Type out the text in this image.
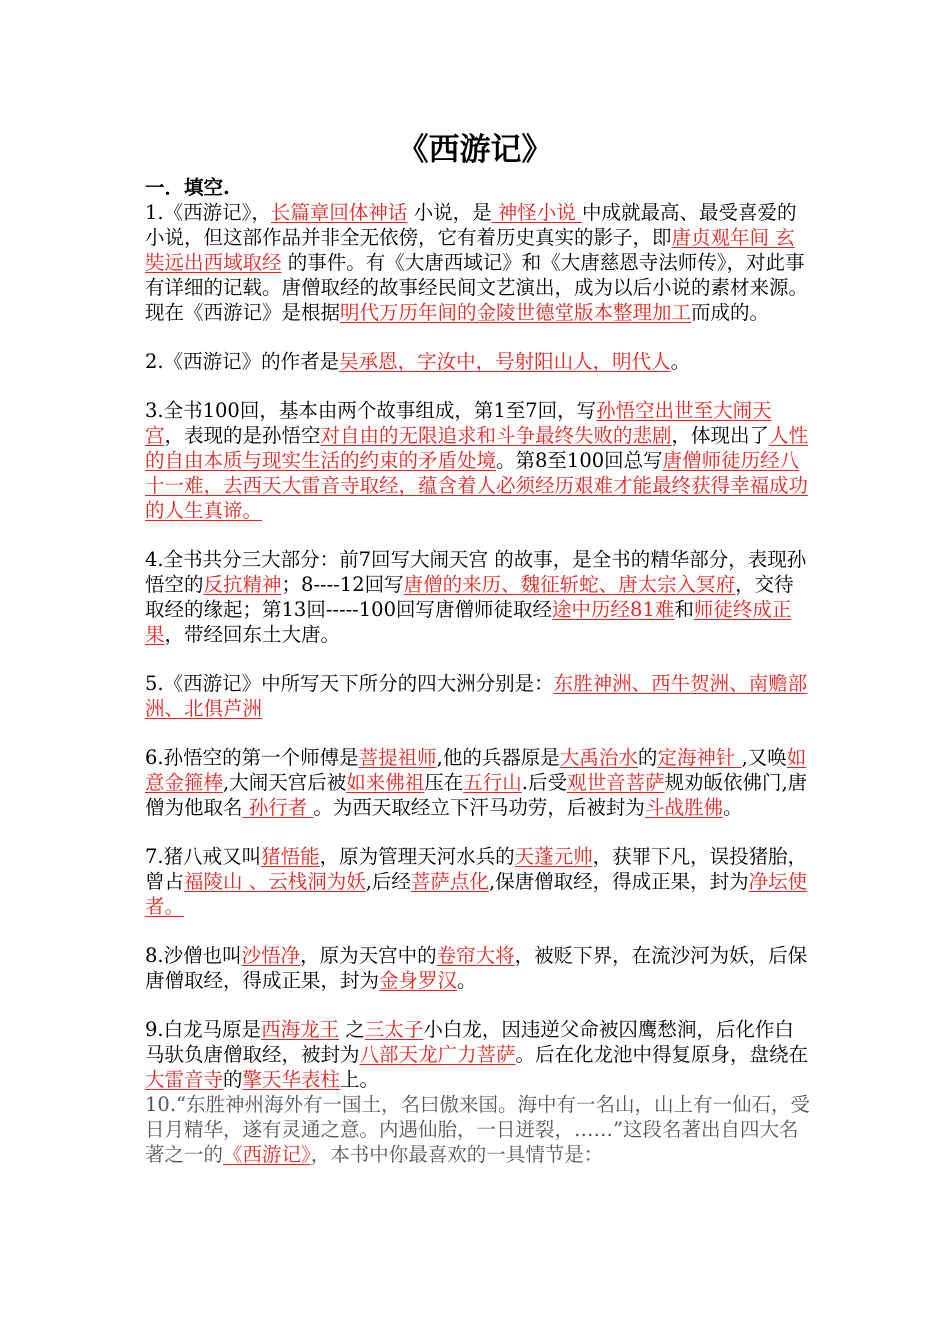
《西游记》

一．填空.

1.《西游记》，长篇章回体神话 小说，是 神怪小说 中成就最高、最受喜爱的小说，但这部作品并非全无依傍，它有着历史真实的影子，即唐贞观年间 玄奘远出西域取经 的事件。有《大唐西域记》和《大唐慈恩寺法师传》，对此事有详细的记载。唐僧取经的故事经民间文艺演出，成为以后小说的素材来源。现在《西游记》是根据明代万历年间的金陵世德堂版本整理加工而成的。

2.《西游记》的作者是吴承恩，字汝中，号射阳山人，明代人。

3.全书100回，基本由两个故事组成，第1至7回，写孙悟空出世至大闹天宫，表现的是孙悟空对自由的无限追求和斗争最终失败的悲剧，体现出了人性的自由本质与现实生活的约束的矛盾处境。第8至100回总写唐僧师徒历经八十一难，去西天大雷音寺取经，蕴含着人必须经历艰难才能最终获得幸福成功的人生真谛。

4.全书共分三大部分：前7回写大闹天宫 的故事，是全书的精华部分，表现孙悟空的反抗精神；8----12回写唐僧的来历、魏征斩蛇、唐太宗入冥府，交待取经的缘起；第13回-----100回写唐僧师徒取经途中历经81难和师徒终成正果，带经回东土大唐。

5.《西游记》中所写天下所分的四大洲分别是：东胜神洲、西牛贺洲、南赡部洲、北俱芦洲

6.孙悟空的第一个师傅是菩提祖师,他的兵器原是大禹治水的定海神针 ,又唤如意金箍棒,大闹天宫后被如来佛祖压在五行山.后受观世音菩萨规劝皈依佛门,唐僧为他取名 孙行者 。为西天取经立下汗马功劳，后被封为斗战胜佛。

7.猪八戒又叫猪悟能，原为管理天河水兵的天蓬元帅，获罪下凡，误投猪胎，曾占福陵山 、云栈洞为妖,后经菩萨点化,保唐僧取经，得成正果，封为净坛使者。

8.沙僧也叫沙悟净，原为天宫中的卷帘大将，被贬下界，在流沙河为妖，后保唐僧取经，得成正果，封为金身罗汉。

9.白龙马原是西海龙王 之三太子小白龙，因违逆父命被囚鹰愁涧，后化作白马驮负唐僧取经，被封为八部天龙广力菩萨。后在化龙池中得复原身，盘绕在大雷音寺的擎天华表柱上。

10.“东胜神州海外有一国土，名曰傲来国。海中有一名山，山上有一仙石，受日月精华，遂有灵通之意。内遇仙胎，一日迸裂，……”这段名著出自四大名著之一的《西游记》，本书中你最喜欢的一具情节是：
